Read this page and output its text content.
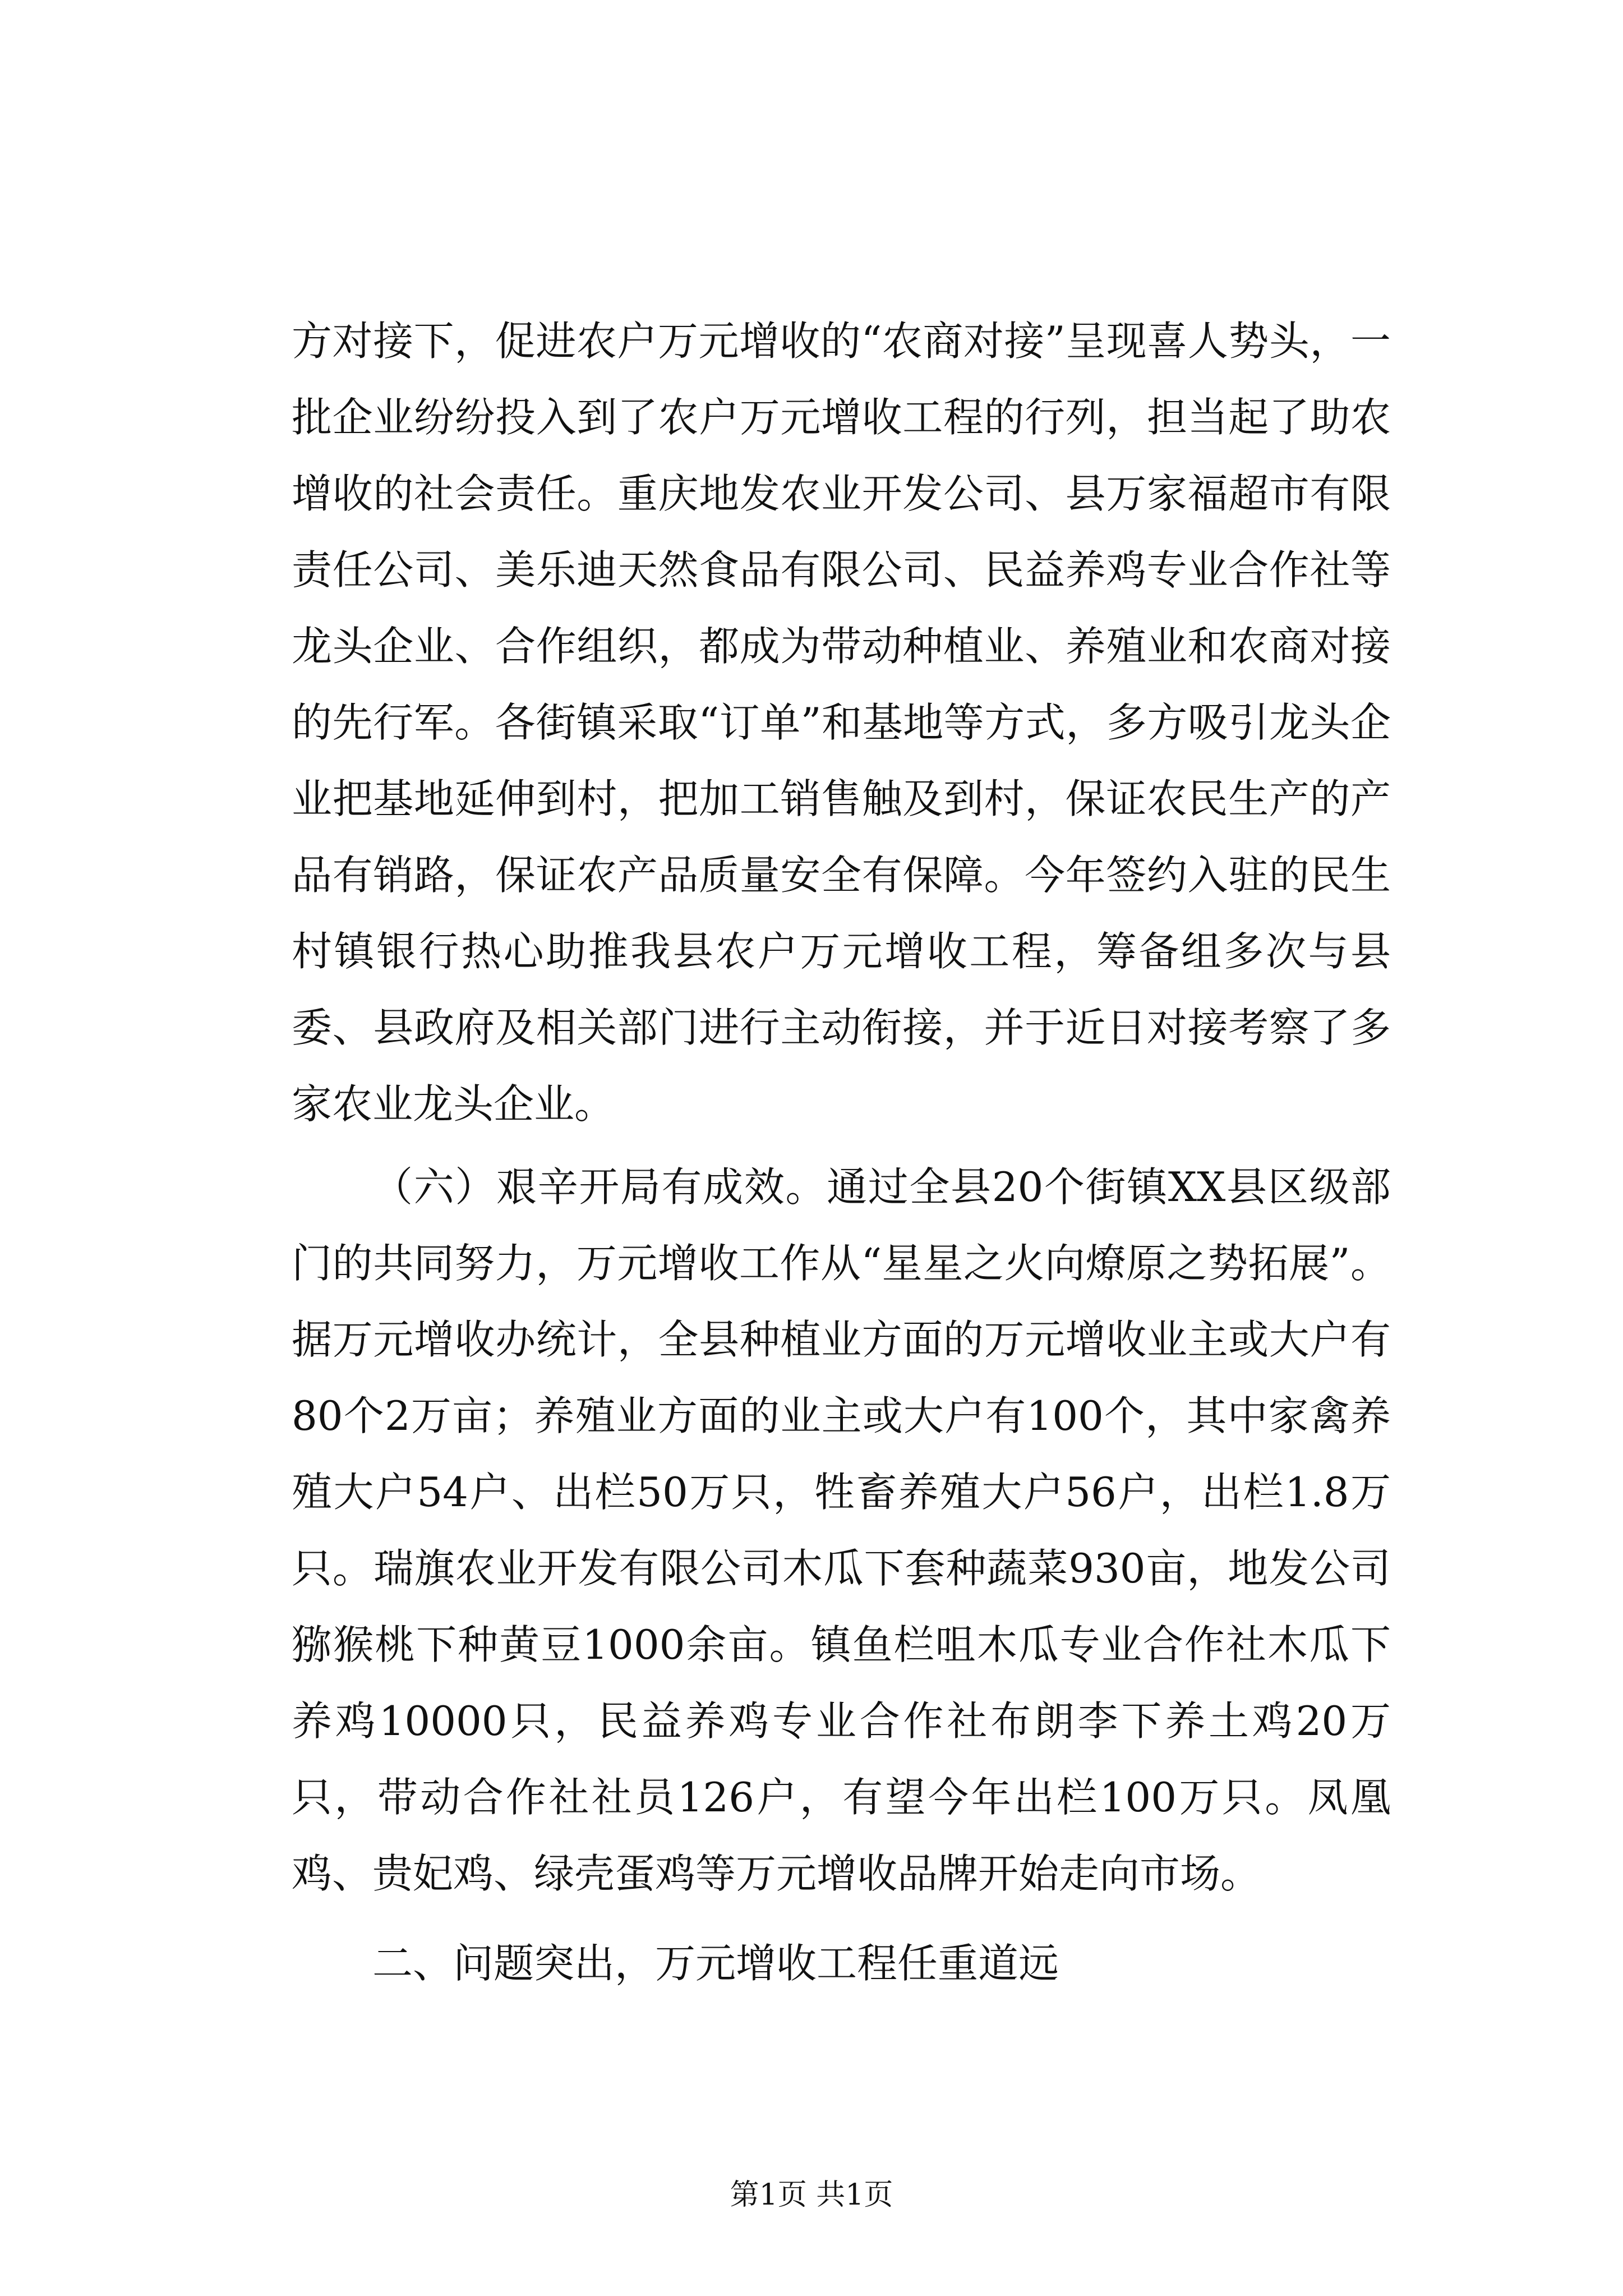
方对接下，促进农户万元增收的“农商对接”呈现喜人势头，一批企业纷纷投入到了农户万元增收工程的行列，担当起了助农增收的社会责任。重庆地发农业开发公司、县万家福超市有限责任公司、美乐迪天然食品有限公司、民益养鸡专业合作社等龙头企业、合作组织，都成为带动种植业、养殖业和农商对接的先行军。各街镇采取“订单”和基地等方式，多方吸引龙头企业把基地延伸到村，把加工销售触及到村，保证农民生产的产品有销路，保证农产品质量安全有保障。今年签约入驻的民生村镇银行热心助推我县农户万元增收工程，筹备组多次与县委、县政府及相关部门进行主动衔接，并于近日对接考察了多家农业龙头企业。

（六）艰辛开局有成效。通过全县20个街镇XX县区级部门的共同努力，万元增收工作从“星星之火向燎原之势拓展”。据万元增收办统计，全县种植业方面的万元增收业主或大户有80个2万亩；养殖业方面的业主或大户有100个，其中家禽养殖大户54户、出栏50万只，牲畜养殖大户56户，出栏1.8万只。瑞旗农业开发有限公司木瓜下套种蔬菜930亩，地发公司猕猴桃下种黄豆1000余亩。镇鱼栏咀木瓜专业合作社木瓜下养鸡10000只，民益养鸡专业合作社布朗李下养土鸡20万只，带动合作社社员126户，有望今年出栏100万只。凤凰鸡、贵妃鸡、绿壳蛋鸡等万元增收品牌开始走向市场。

二、问题突出，万元增收工程任重道远

第1页 共1页
